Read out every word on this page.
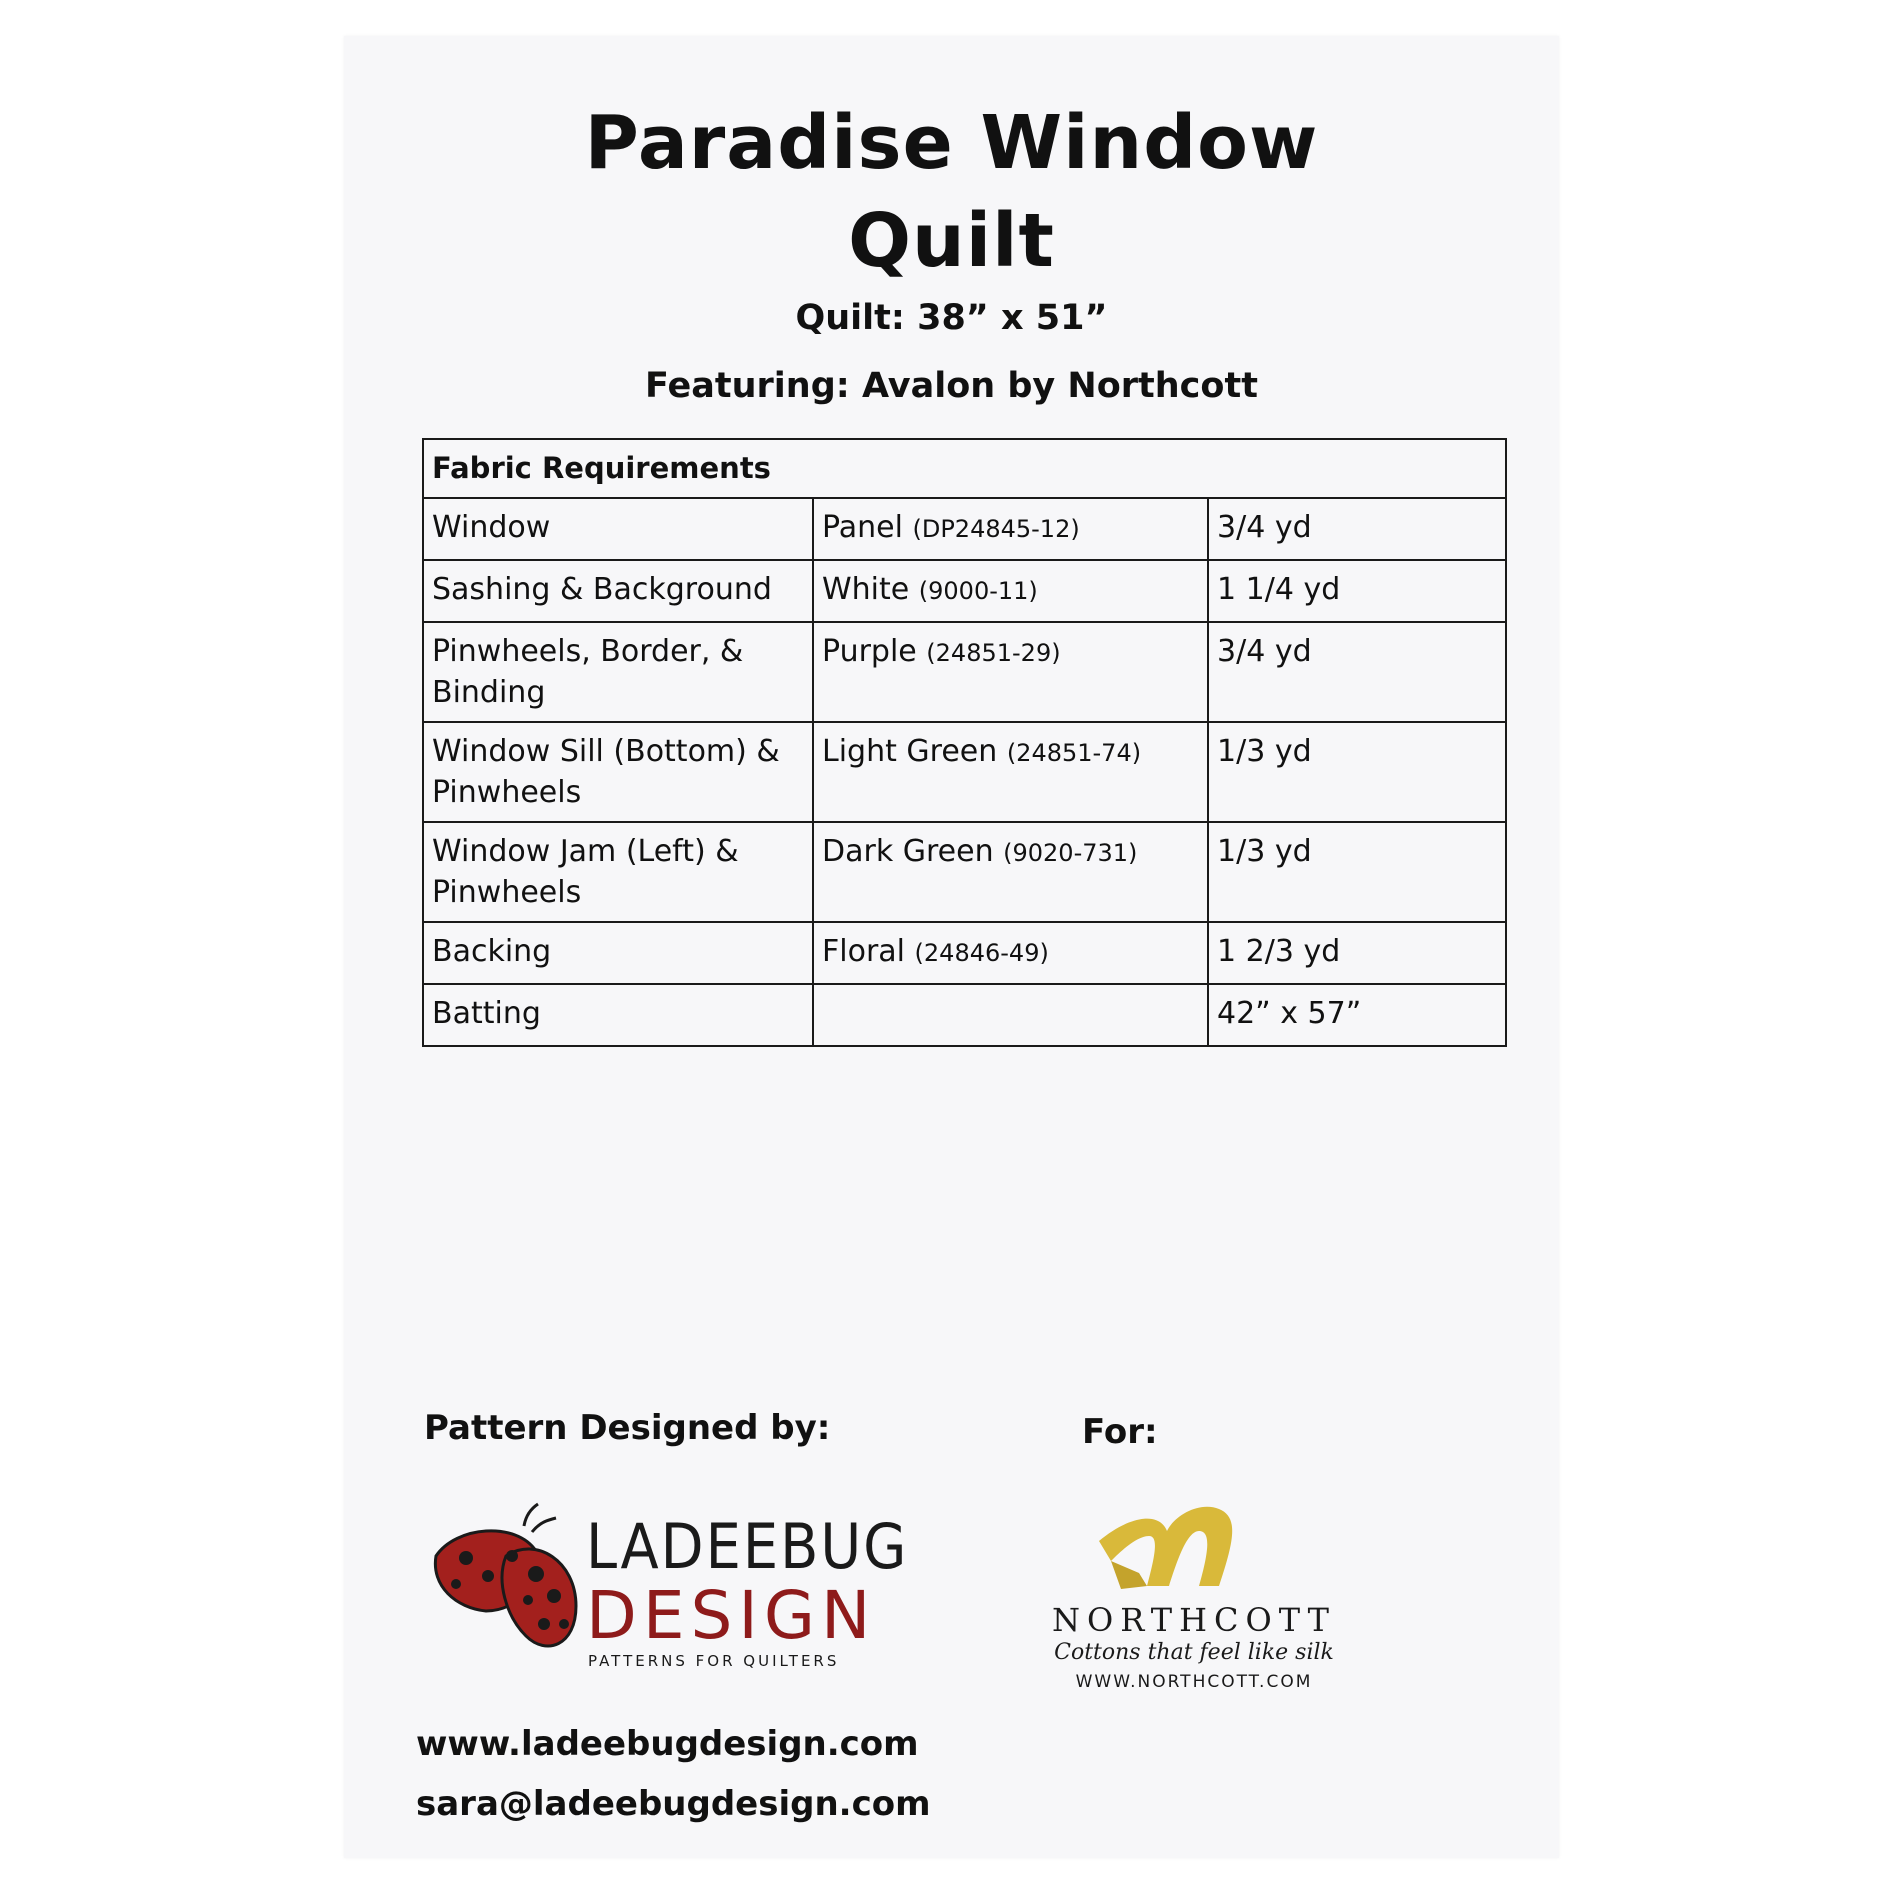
Paradise Window
Quilt

Quilt: 38” x 51”

Featuring: Avalon by Northcott

Fabric Requirements		
Window	Panel (DP24845-12)	3/4 yd
Sashing & Background	White (9000-11)	1 1/4 yd
Pinwheels, Border, & Binding	Purple (24851-29)	3/4 yd
Window Sill (Bottom) & Pinwheels	Light Green (24851-74)	1/3 yd
Window Jam (Left) & Pinwheels	Dark Green (9020-731)	1/3 yd
Backing	Floral (24846-49)	1 2/3 yd
Batting		42” x 57”

Pattern Designed by:	For:

LADEEBUG
DESIGN
PATTERNS FOR QUILTERS
NORTHCOTT
Cottons that feel like silk
WWW.NORTHCOTT.COM

www.ladeebugdesign.com

sara@ladeebugdesign.com
